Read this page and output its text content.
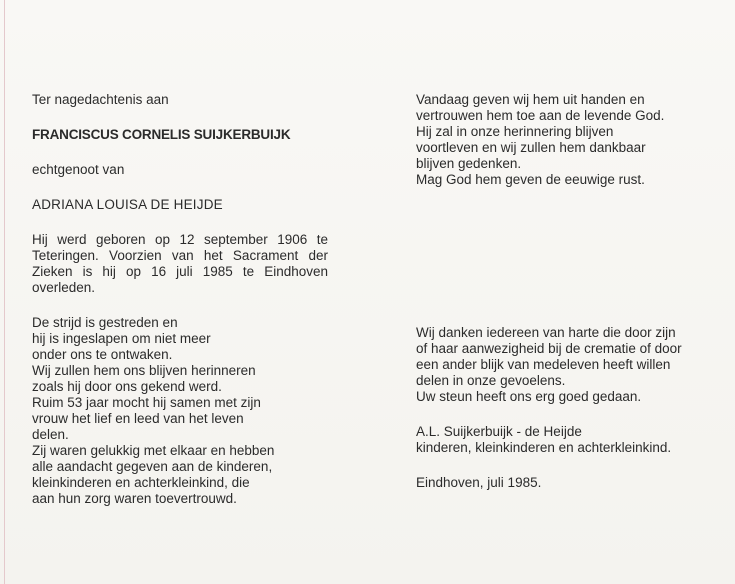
Ter nagedachtenis aan
FRANCISCUS CORNELIS SUIJKERBUIJK
echtgenoot van
ADRIANA LOUISA DE HEIJDE
Hij werd geboren op 12 september 1906 te Teteringen. Voorzien van het Sacrament der Zieken is hij op 16 juli 1985 te Eindhoven overleden.
De strijd is gestreden en
hij is ingeslapen om niet meer
onder ons te ontwaken.
Wij zullen hem ons blijven herinneren
zoals hij door ons gekend werd.
Ruim 53 jaar mocht hij samen met zijn
vrouw het lief en leed van het leven
delen.
Zij waren gelukkig met elkaar en hebben
alle aandacht gegeven aan de kinderen,
kleinkinderen en achterkleinkind, die
aan hun zorg waren toevertrouwd.
Vandaag geven wij hem uit handen en
vertrouwen hem toe aan de levende God.
Hij zal in onze herinnering blijven
voortleven en wij zullen hem dankbaar
blijven gedenken.
Mag God hem geven de eeuwige rust.
Wij danken iedereen van harte die door zijn
of haar aanwezigheid bij de crematie of door
een ander blijk van medeleven heeft willen
delen in onze gevoelens.
Uw steun heeft ons erg goed gedaan.
A.L. Suijkerbuijk - de Heijde
kinderen, kleinkinderen en achterkleinkind.
Eindhoven, juli 1985.
